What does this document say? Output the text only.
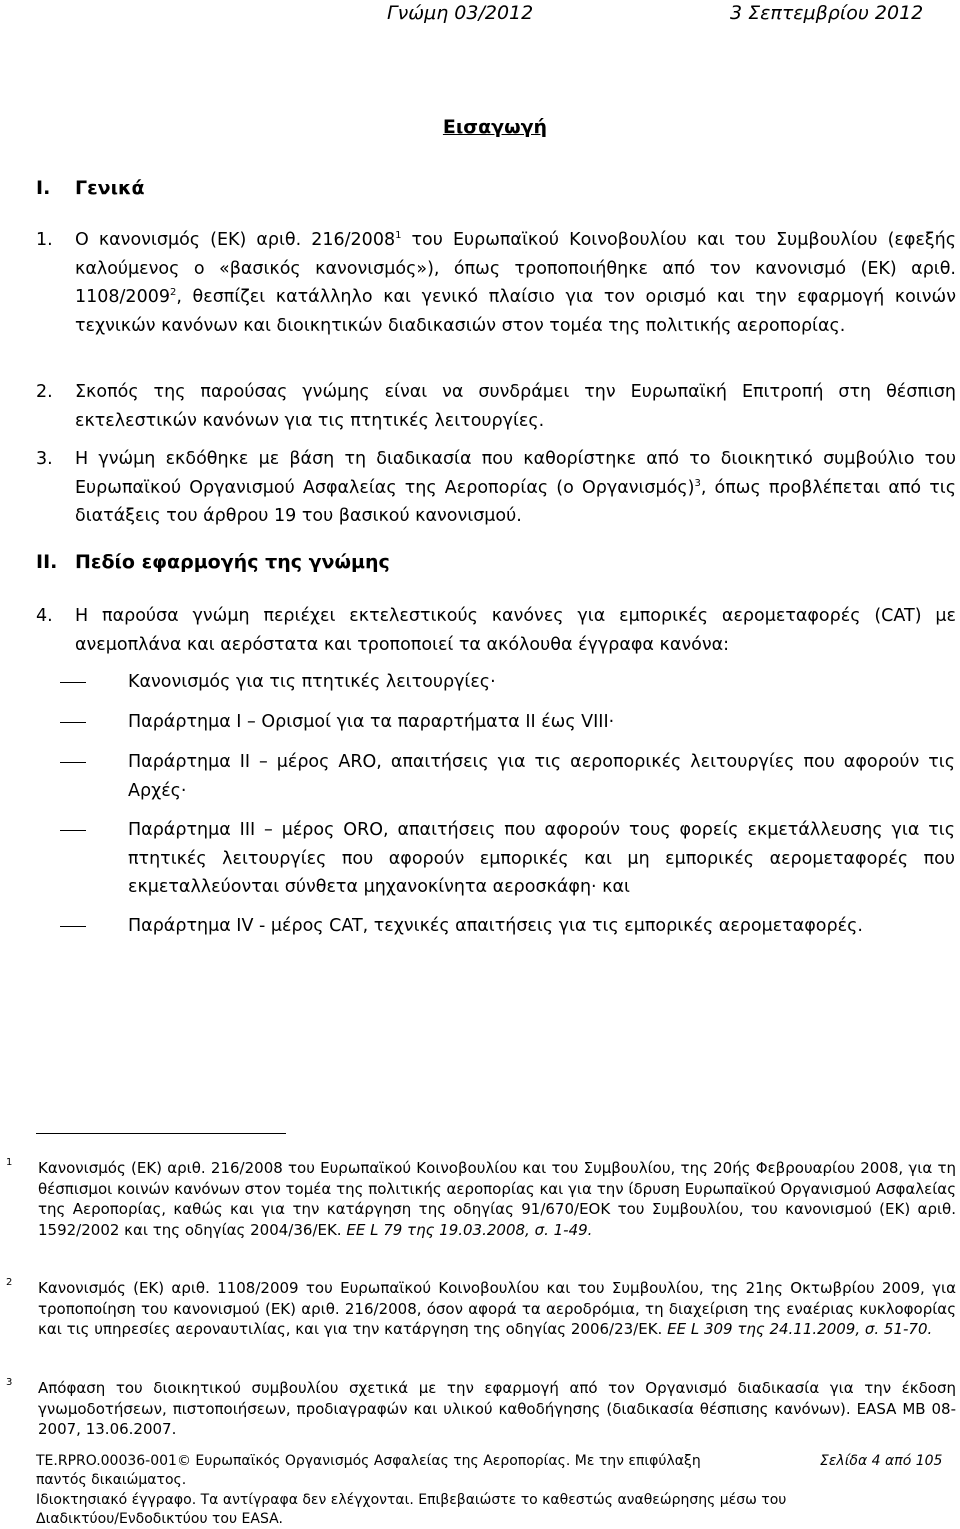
Γνώμη 03/2012	3 Σεπτεμβρίου 2012
Εισαγωγή
I. Γενικά
1.	Ο κανονισμός (ΕΚ) αριθ. 216/2008$^1$ του Ευρωπαϊκού Κοινοβουλίου και του Συμβουλίου (εφεξής καλούμενος ο «βασικός κανονισμός»), όπως τροποποιήθηκε από τον κανονισμό (ΕΚ) αριθ. 1108/2009$^2$, θεσπίζει κατάλληλο και γενικό πλαίσιο για τον ορισμό και την εφαρμογή κοινών τεχνικών κανόνων και διοικητικών διαδικασιών στον τομέα της πολιτικής αεροπορίας.
2.	Σκοπός της παρούσας γνώμης είναι να συνδράμει την Ευρωπαϊκή Επιτροπή στη θέσπιση εκτελεστικών κανόνων για τις πτητικές λειτουργίες.
3.	Η γνώμη εκδόθηκε με βάση τη διαδικασία που καθορίστηκε από το διοικητικό συμβούλιο του Ευρωπαϊκού Οργανισμού Ασφαλείας της Αεροπορίας (ο Οργανισμός)$^3$, όπως προβλέπεται από τις διατάξεις του άρθρου 19 του βασικού κανονισμού.
II. Πεδίο εφαρμογής της γνώμης
4.	Η παρούσα γνώμη περιέχει εκτελεστικούς κανόνες για εμπορικές αερομεταφορές (CAT) με ανεμοπλάνα και αερόστατα και τροποποιεί τα ακόλουθα έγγραφα κανόνα:
Κανονισμός για τις πτητικές λειτουργίες·
Παράρτημα I – Ορισμοί για τα παραρτήματα II έως VIII·
Παράρτημα II – μέρος ARO, απαιτήσεις για τις αεροπορικές λειτουργίες που αφορούν τις Αρχές·
Παράρτημα III – μέρος ORO, απαιτήσεις που αφορούν τους φορείς εκμετάλλευσης για τις πτητικές λειτουργίες που αφορούν εμπορικές και μη εμπορικές αερομεταφορές που εκμεταλλεύονται σύνθετα μηχανοκίνητα αεροσκάφη· και
Παράρτημα IV - μέρος CAT, τεχνικές απαιτήσεις για τις εμπορικές αερομεταφορές.
1	Κανονισμός (ΕΚ) αριθ. 216/2008 του Ευρωπαϊκού Κοινοβουλίου και του Συμβουλίου, της 20ής Φεβρουαρίου 2008, για τη θέσπισμοι κοινών κανόνων στον τομέα της πολιτικής αεροπορίας και για την ίδρυση Ευρωπαϊκού Οργανισμού Ασφαλείας της Αεροπορίας, καθώς και για την κατάργηση της οδηγίας 91/670/ΕΟΚ του Συμβουλίου, του κανονισμού (ΕΚ) αριθ. 1592/2002 και της οδηγίας 2004/36/ΕΚ. ΕΕ L 79 της 19.03.2008, σ. 1-49.
2	Κανονισμός (ΕΚ) αριθ. 1108/2009 του Ευρωπαϊκού Κοινοβουλίου και του Συμβουλίου, της 21ης Οκτωβρίου 2009, για τροποποίηση του κανονισμού (ΕΚ) αριθ. 216/2008, όσον αφορά τα αεροδρόμια, τη διαχείριση της εναέριας κυκλοφορίας και τις υπηρεσίες αεροναυτιλίας, και για την κατάργηση της οδηγίας 2006/23/ΕΚ. ΕΕ L 309 της 24.11.2009, σ. 51-70.
3	Απόφαση του διοικητικού συμβουλίου σχετικά με την εφαρμογή από τον Οργανισμό διαδικασία για την έκδοση γνωμοδοτήσεων, πιστοποιήσεων, προδιαγραφών και υλικού καθοδήγησης (διαδικασία θέσπισης κανόνων). EASA MB 08-2007, 13.06.2007.
TE.RPRO.00036-001© Ευρωπαϊκός Οργανισμός Ασφαλείας της Αεροπορίας. Με την επιφύλαξη
παντός δικαιώματος.
Σελίδα 4 από 105
Ιδιοκτησιακό έγγραφο. Τα αντίγραφα δεν ελέγχονται. Επιβεβαιώστε το καθεστώς αναθεώρησης μέσω του
Διαδικτύου/Ενδοδικτύου του EASA.
